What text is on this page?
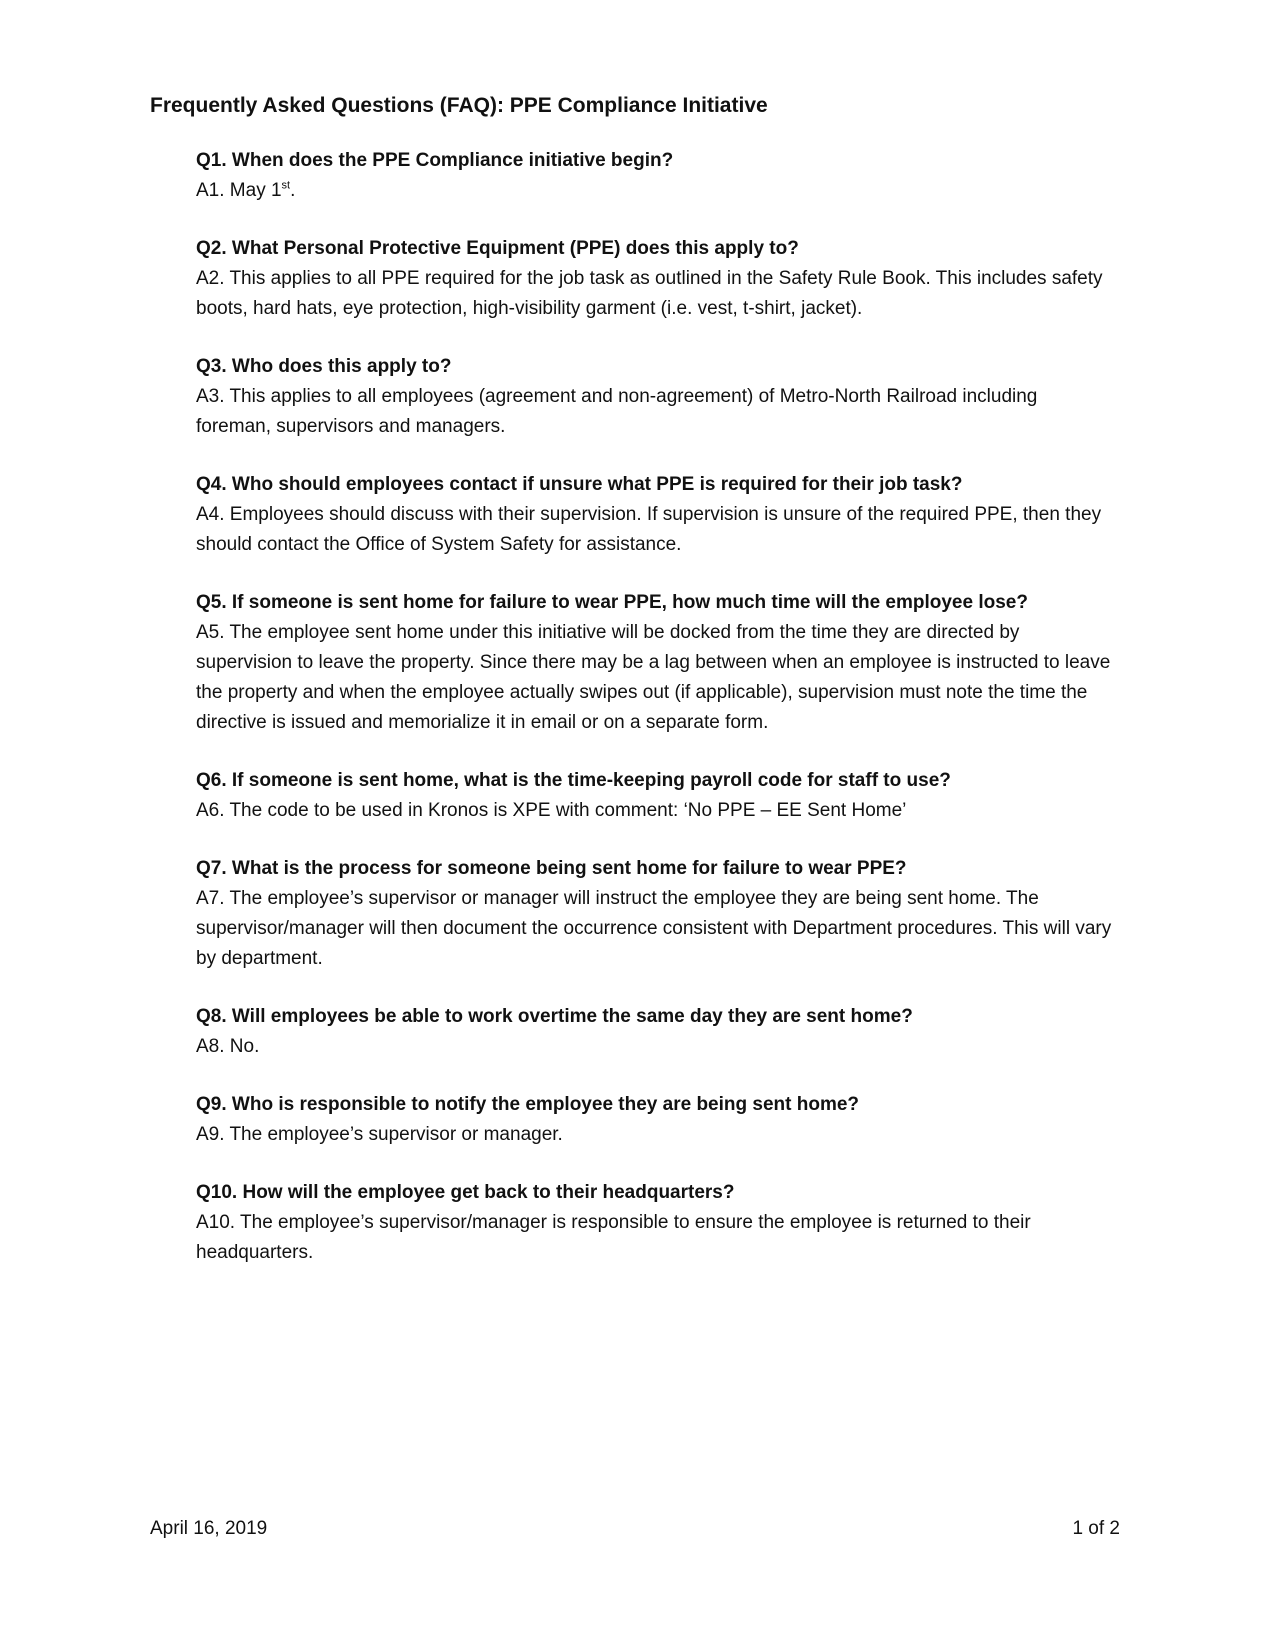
Frequently Asked Questions (FAQ): PPE Compliance Initiative
Q1. When does the PPE Compliance initiative begin?
A1. May 1st.
Q2. What Personal Protective Equipment (PPE) does this apply to?
A2. This applies to all PPE required for the job task as outlined in the Safety Rule Book. This includes safety boots, hard hats, eye protection, high-visibility garment (i.e. vest, t-shirt, jacket).
Q3. Who does this apply to?
A3. This applies to all employees (agreement and non-agreement) of Metro-North Railroad including foreman, supervisors and managers.
Q4. Who should employees contact if unsure what PPE is required for their job task?
A4. Employees should discuss with their supervision. If supervision is unsure of the required PPE, then they should contact the Office of System Safety for assistance.
Q5. If someone is sent home for failure to wear PPE, how much time will the employee lose?
A5. The employee sent home under this initiative will be docked from the time they are directed by supervision to leave the property. Since there may be a lag between when an employee is instructed to leave the property and when the employee actually swipes out (if applicable), supervision must note the time the directive is issued and memorialize it in email or on a separate form.
Q6. If someone is sent home, what is the time-keeping payroll code for staff to use?
A6. The code to be used in Kronos is XPE with comment: ‘No PPE – EE Sent Home’
Q7. What is the process for someone being sent home for failure to wear PPE?
A7. The employee’s supervisor or manager will instruct the employee they are being sent home. The supervisor/manager will then document the occurrence consistent with Department procedures. This will vary by department.
Q8. Will employees be able to work overtime the same day they are sent home?
A8. No.
Q9. Who is responsible to notify the employee they are being sent home?
A9. The employee’s supervisor or manager.
Q10. How will the employee get back to their headquarters?
A10. The employee’s supervisor/manager is responsible to ensure the employee is returned to their headquarters.
April 16, 2019	1 of 2
